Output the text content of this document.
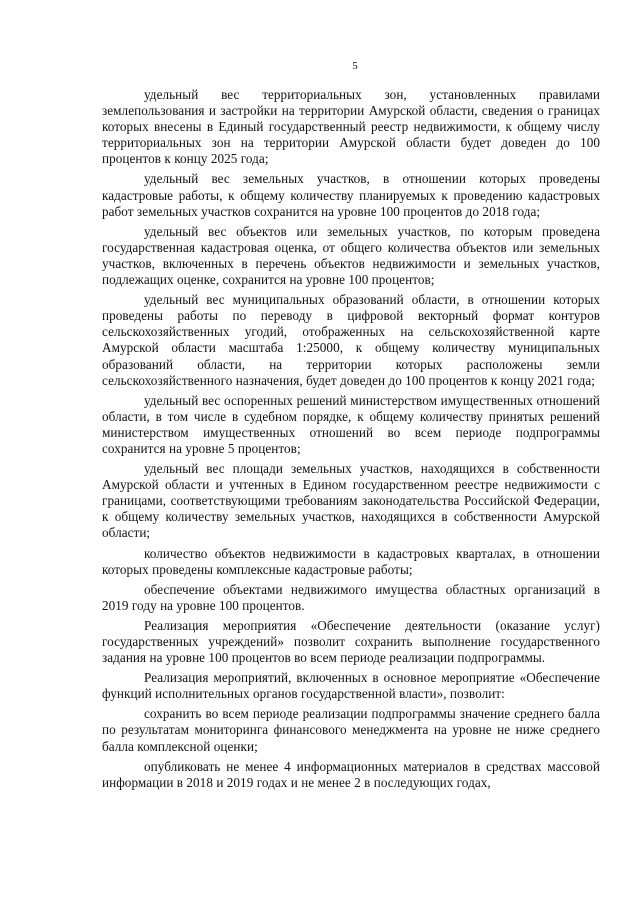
5

удельный вес территориальных зон, установленных правилами землепользования и застройки на территории Амурской области, сведения о границах которых внесены в Единый государственный реестр недвижимости, к общему числу территориальных зон на территории Амурской области будет доведен до 100 процентов к концу 2025 года;

удельный вес земельных участков, в отношении которых проведены кадастровые работы, к общему количеству планируемых к проведению кадастровых работ земельных участков сохранится на уровне 100 процентов до 2018 года;

удельный вес объектов или земельных участков, по которым проведена государственная кадастровая оценка, от общего количества объектов или земельных участков, включенных в перечень объектов недвижимости и земельных участков, подлежащих оценке, сохранится на уровне 100 процентов;

удельный вес муниципальных образований области, в отношении которых проведены работы по переводу в цифровой векторный формат контуров сельскохозяйственных угодий, отображенных на сельскохозяйственной карте Амурской области масштаба 1:25000, к общему количеству муниципальных образований области, на территории которых расположены земли сельскохозяйственного назначения, будет доведен до 100 процентов к концу 2021 года;

удельный вес оспоренных решений министерством имущественных отношений области, в том числе в судебном порядке, к общему количеству принятых решений министерством имущественных отношений во всем периоде подпрограммы сохранится на уровне 5 процентов;

удельный вес площади земельных участков, находящихся в собственности Амурской области и учтенных в Едином государственном реестре недвижимости с границами, соответствующими требованиям законодательства Российской Федерации, к общему количеству земельных участков, находящихся в собственности Амурской области;

количество объектов недвижимости в кадастровых кварталах, в отношении которых проведены комплексные кадастровые работы;

обеспечение объектами недвижимого имущества областных организаций в 2019 году на уровне 100 процентов.

Реализация мероприятия «Обеспечение деятельности (оказание услуг) государственных учреждений» позволит сохранить выполнение государственного задания на уровне 100 процентов во всем периоде реализации подпрограммы.

Реализация мероприятий, включенных в основное мероприятие «Обеспечение функций исполнительных органов государственной власти», позволит:

сохранить во всем периоде реализации подпрограммы значение среднего балла по результатам мониторинга финансового менеджмента на уровне не ниже среднего балла комплексной оценки;

опубликовать не менее 4 информационных материалов в средствах массовой информации в 2018 и 2019 годах и не менее 2 в последующих годах,
